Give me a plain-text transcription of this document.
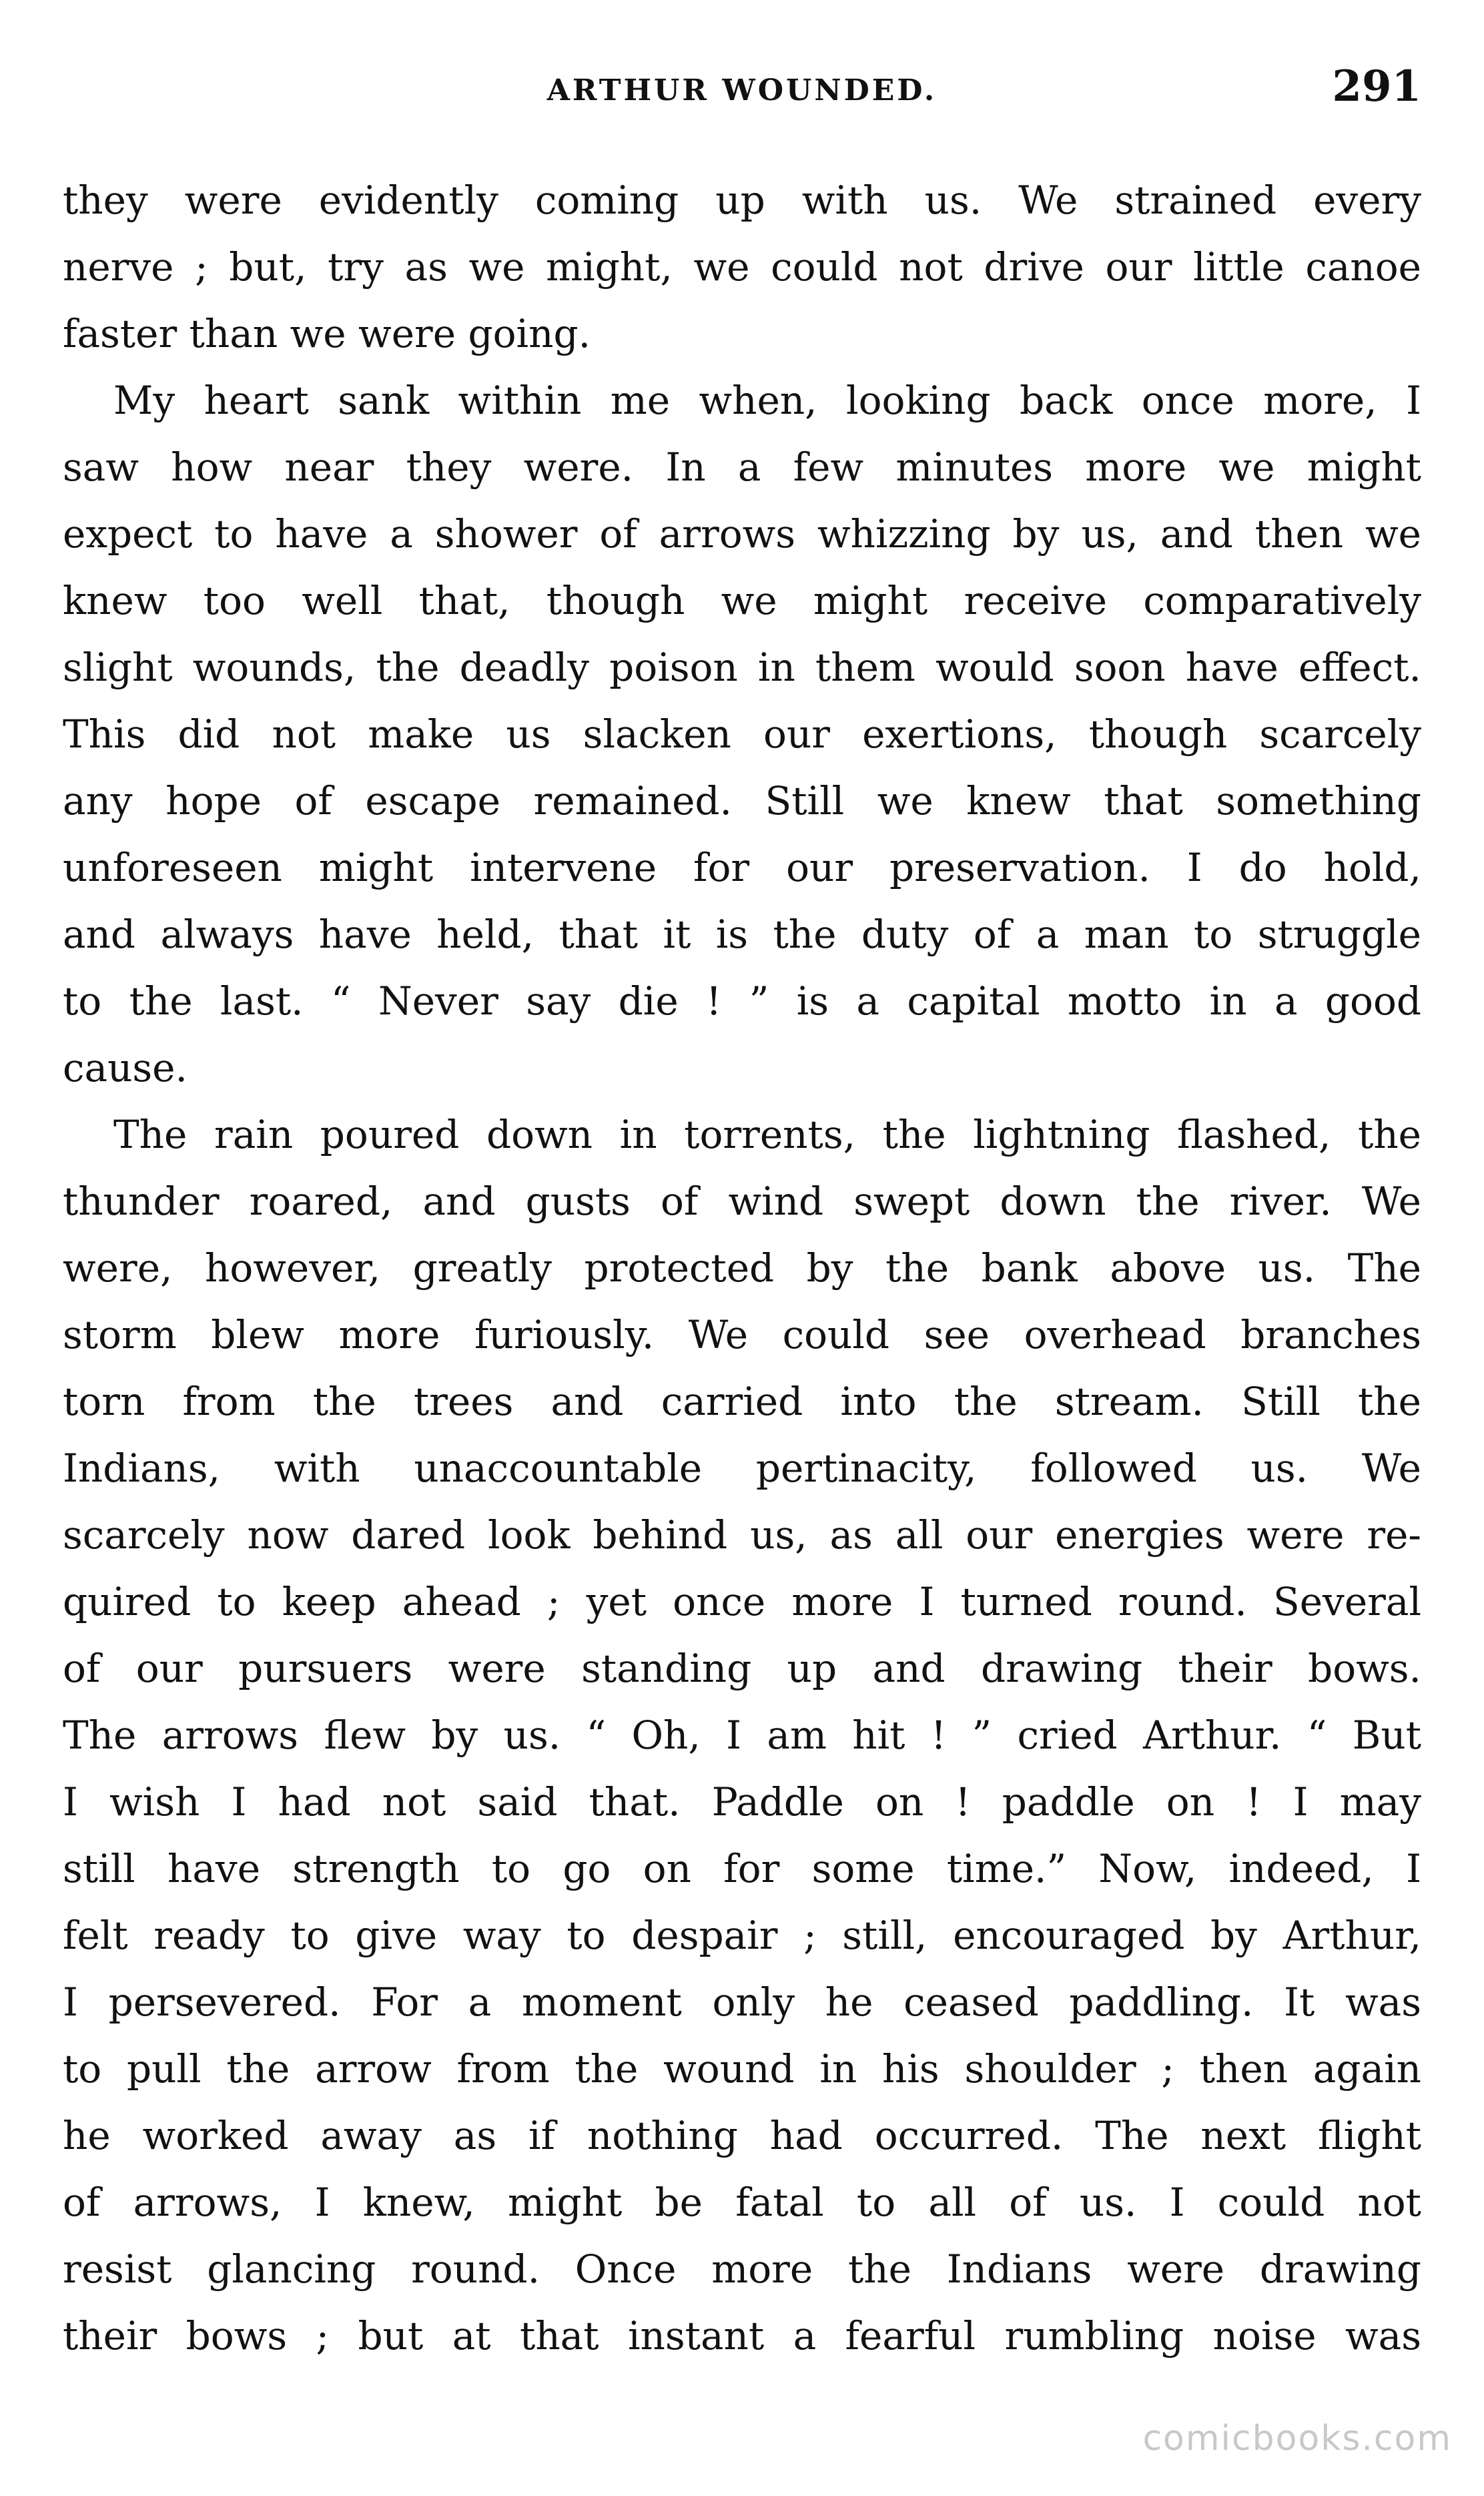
ARTHUR WOUNDED.	291
they were evidently coming up with us. We strained every
nerve ; but, try as we might, we could not drive our little canoe
faster than we were going.
My heart sank within me when, looking back once more, I
saw how near they were. In a few minutes more we might
expect to have a shower of arrows whizzing by us, and then we
knew too well that, though we might receive comparatively
slight wounds, the deadly poison in them would soon have effect.
This did not make us slacken our exertions, though scarcely
any hope of escape remained. Still we knew that something
unforeseen might intervene for our preservation. I do hold,
and always have held, that it is the duty of a man to struggle
to the last. “ Never say die ! ” is a capital motto in a good
cause.
The rain poured down in torrents, the lightning flashed, the
thunder roared, and gusts of wind swept down the river. We
were, however, greatly protected by the bank above us. The
storm blew more furiously. We could see overhead branches
torn from the trees and carried into the stream. Still the
Indians, with unaccountable pertinacity, followed us. We
scarcely now dared look behind us, as all our energies were re-
quired to keep ahead ; yet once more I turned round. Several
of our pursuers were standing up and drawing their bows.
The arrows flew by us. “ Oh, I am hit ! ” cried Arthur. “ But
I wish I had not said that. Paddle on ! paddle on ! I may
still have strength to go on for some time.” Now, indeed, I
felt ready to give way to despair ; still, encouraged by Arthur,
I persevered. For a moment only he ceased paddling. It was
to pull the arrow from the wound in his shoulder ; then again
he worked away as if nothing had occurred. The next flight
of arrows, I knew, might be fatal to all of us. I could not
resist glancing round. Once more the Indians were drawing
their bows ; but at that instant a fearful rumbling noise was
comicbooks.com
